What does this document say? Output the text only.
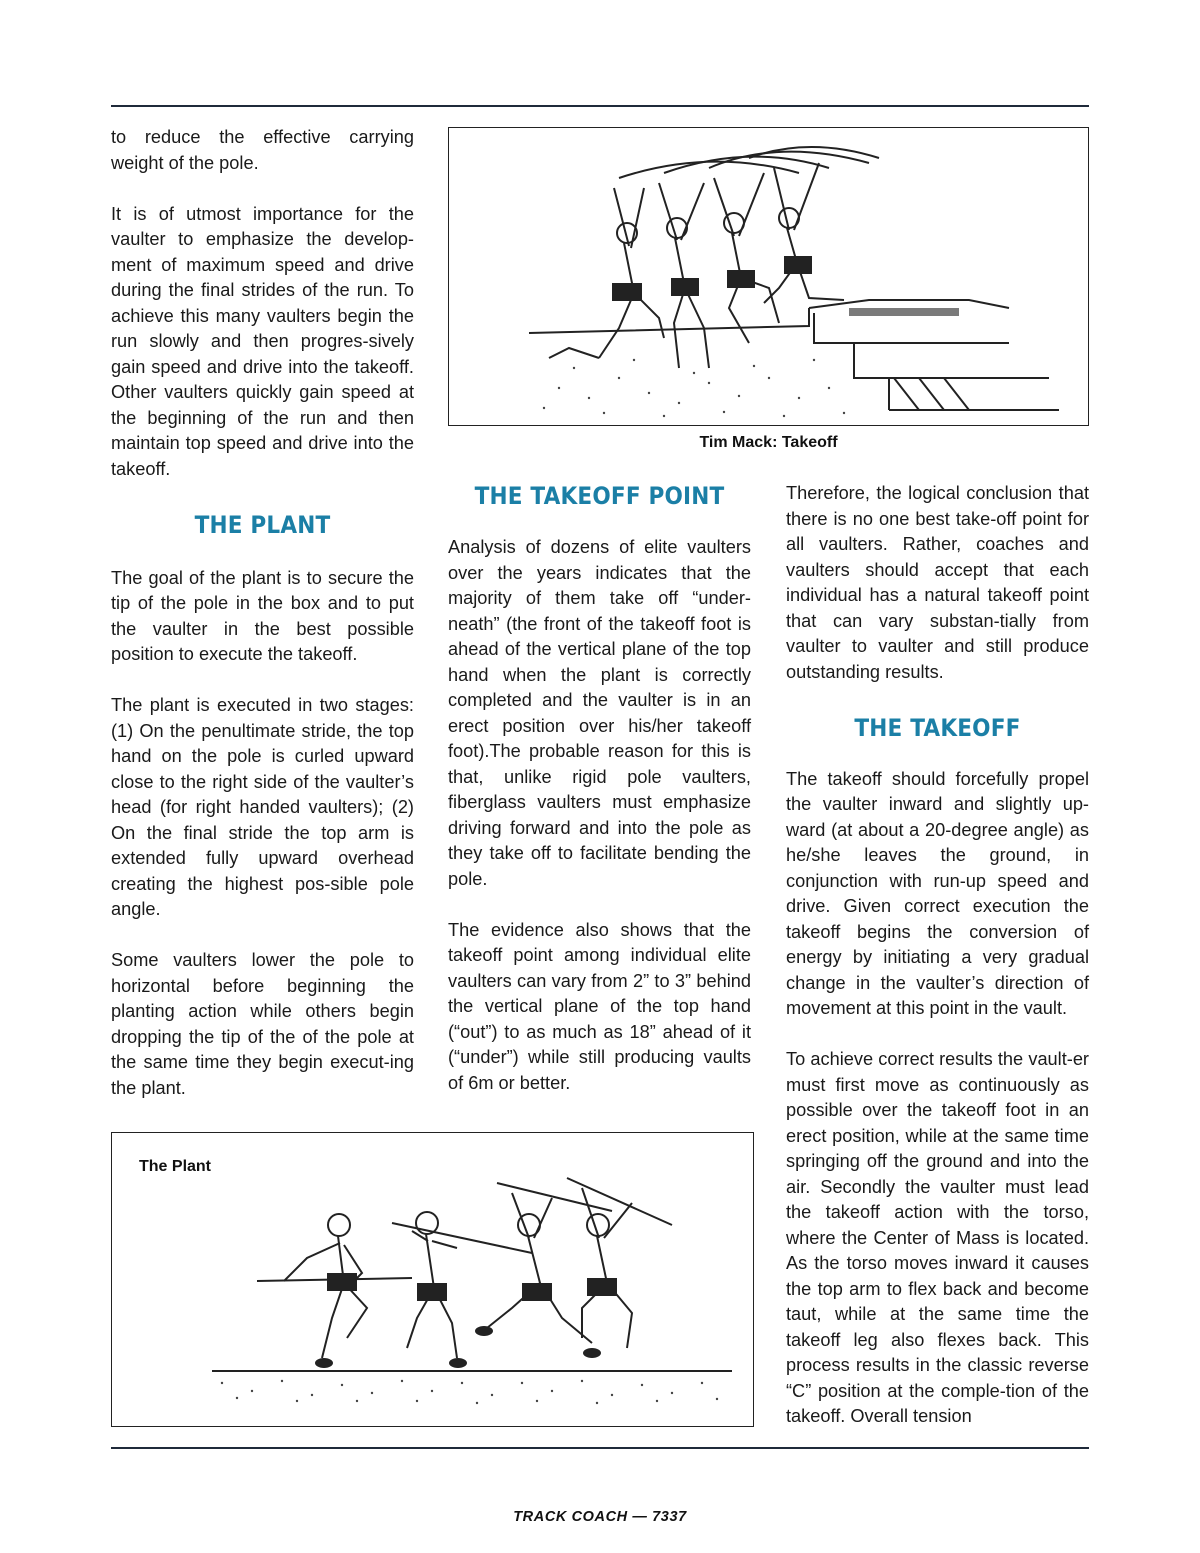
to reduce the effective carrying weight of the pole.

It is of utmost importance for the vaulter to emphasize the develop-ment of maximum speed and drive during the final strides of the run. To achieve this many vaulters begin the run slowly and then progres-sively gain speed and drive into the takeoff. Other vaulters quickly gain speed at the beginning of the run and then maintain top speed and drive into the takeoff.

THE PLANT

The goal of the plant is to secure the tip of the pole in the box and to put the vaulter in the best possible position to execute the takeoff.

The plant is executed in two stages: (1) On the penultimate stride, the top hand on the pole is curled upward close to the right side of the vaulter’s head (for right handed vaulters); (2) On the final stride the top arm is extended fully upward overhead creating the highest pos-sible pole angle.

Some vaulters lower the pole to horizontal before beginning the planting action while others begin dropping the tip of the of the pole at the same time they begin execut-ing the plant.

Tim Mack: Takeoff
THE TAKEOFF POINT

Analysis of dozens of elite vaulters over the years indicates that the majority of them take off “under-neath” (the front of the takeoff foot is ahead of the vertical plane of the top hand when the plant is correctly completed and the vaulter is in an erect position over his/her takeoff foot).The probable reason for this is that, unlike rigid pole vaulters, fiberglass vaulters must emphasize driving forward and into the pole as they take off to facilitate bending the pole.

The evidence also shows that the takeoff point among individual elite vaulters can vary from 2” to 3” behind the vertical plane of the top hand (“out”) to as much as 18” ahead of it (“under”) while still producing vaults of 6m or better.

Therefore, the logical conclusion that there is no one best take-off point for all vaulters. Rather, coaches and vaulters should accept that each individual has a natural takeoff point that can vary substan-tially from vaulter to vaulter and still produce outstanding results.

THE TAKEOFF

The takeoff should forcefully propel the vaulter inward and slightly up-ward (at about a 20-degree angle) as he/she leaves the ground, in conjunction with run-up speed and drive. Given correct execution the takeoff begins the conversion of energy by initiating a very gradual change in the vaulter’s direction of movement at this point in the vault.

To achieve correct results the vault-er must first move as continuously as possible over the takeoff foot in an erect position, while at the same time springing off the ground and into the air. Secondly the vaulter must lead the takeoff action with the torso, where the Center of Mass is located. As the torso moves inward it causes the top arm to flex back and become taut, while at the same time the takeoff leg also flexes back. This process results in the classic reverse “C” position at the comple-tion of the takeoff. Overall tension

The Plant
TRACK COACH — 7337
